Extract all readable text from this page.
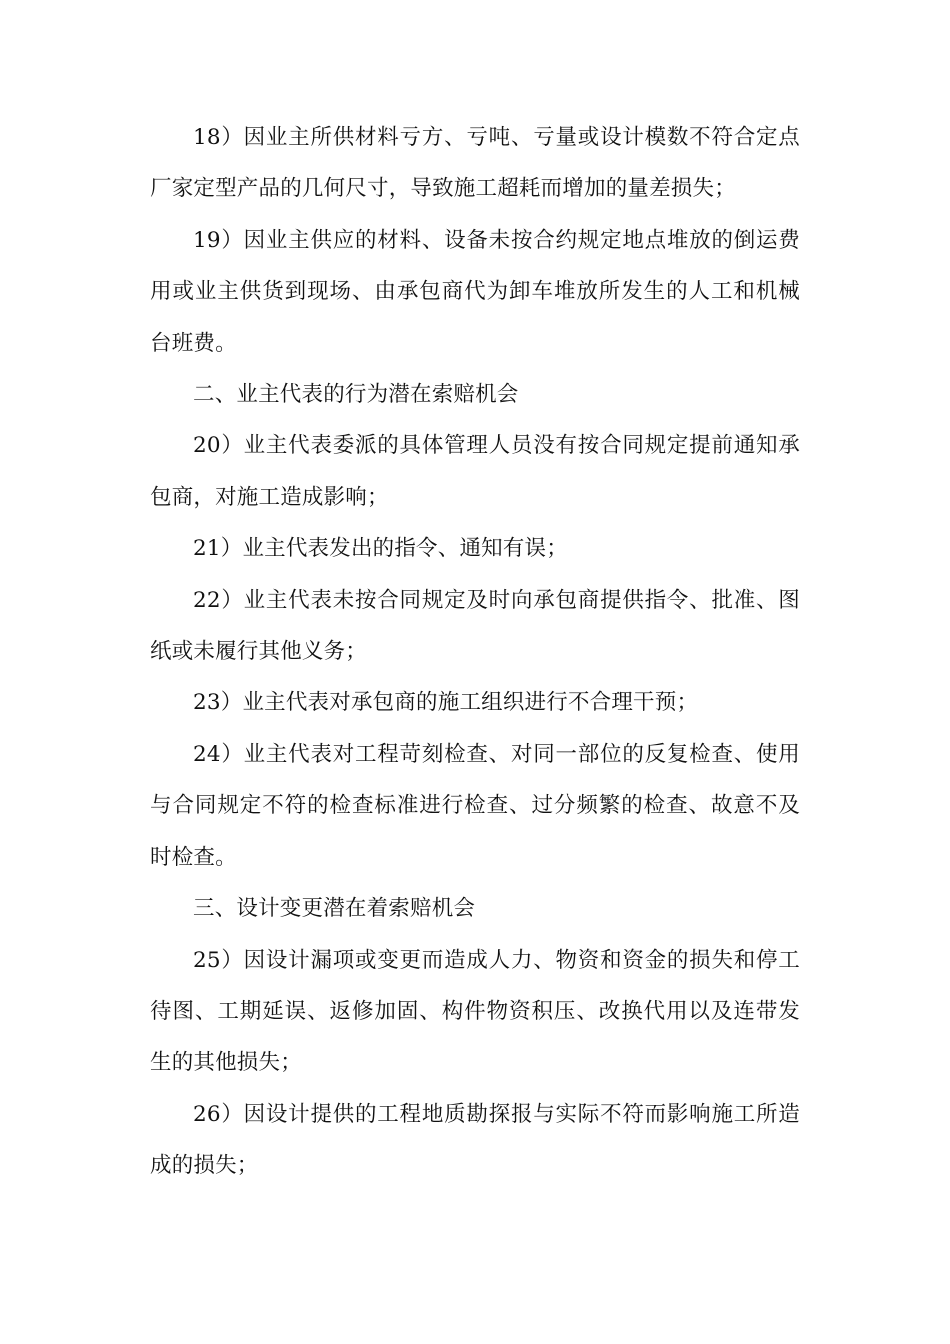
18）因业主所供材料亏方、亏吨、亏量或设计模数不符合定点厂家定型产品的几何尺寸，导致施工超耗而增加的量差损失；

19）因业主供应的材料、设备未按合约规定地点堆放的倒运费用或业主供货到现场、由承包商代为卸车堆放所发生的人工和机械台班费。

二、业主代表的行为潜在索赔机会

20）业主代表委派的具体管理人员没有按合同规定提前通知承包商，对施工造成影响；

21）业主代表发出的指令、通知有误；

22）业主代表未按合同规定及时向承包商提供指令、批准、图纸或未履行其他义务；

23）业主代表对承包商的施工组织进行不合理干预；

24）业主代表对工程苛刻检查、对同一部位的反复检查、使用与合同规定不符的检查标准进行检查、过分频繁的检查、故意不及时检查。

三、设计变更潜在着索赔机会

25）因设计漏项或变更而造成人力、物资和资金的损失和停工待图、工期延误、返修加固、构件物资积压、改换代用以及连带发生的其他损失；

26）因设计提供的工程地质勘探报与实际不符而影响施工所造成的损失；
